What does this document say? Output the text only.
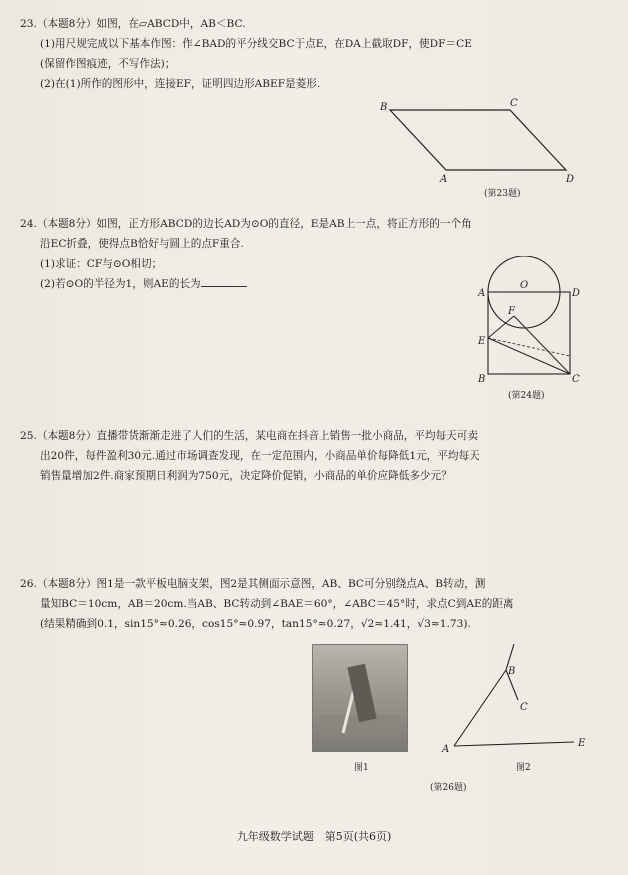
23.（本题8分）如图，在▱ABCD中，AB＜BC.

(1)用尺规完成以下基本作图：作∠BAD的平分线交BC于点E，在DA上截取DF，使DF＝CE

(保留作图痕迹，不写作法)；

(2)在(1)所作的图形中，连接EF，证明四边形ABEF是菱形.

B	C
A	D
(第23题)

24.（本题8分）如图，正方形ABCD的边长AD为⊙O的直径，E是AB上一点，将正方形的一个角

沿EC折叠，使得点B恰好与圆上的点F重合.

(1)求证：CF与⊙O相切；

(2)若⊙O的半径为1，则AE的长为

A
O
D
F
E
B	C
(第24题)

25.（本题8分）直播带货渐渐走进了人们的生活，某电商在抖音上销售一批小商品，平均每天可卖

出20件，每件盈利30元.通过市场调查发现，在一定范围内，小商品单价每降低1元，平均每天

销售量增加2件.商家预期日利润为750元，决定降价促销，小商品的单价应降低多少元？

26.（本题8分）图1是一款平板电脑支架，图2是其侧面示意图，AB、BC可分别绕点A、B转动，测

量知BC＝10cm，AB＝20cm.当AB、BC转动到∠BAE＝60°，∠ABC＝45°时，求点C到AE的距离

(结果精确到0.1，sin15°≈0.26，cos15°≈0.97，tan15°≈0.27，√2≈1.41，√3≈1.73).

图1
A
B
C
E
图2
(第26题)
九年级数学试题　第5页(共6页)
